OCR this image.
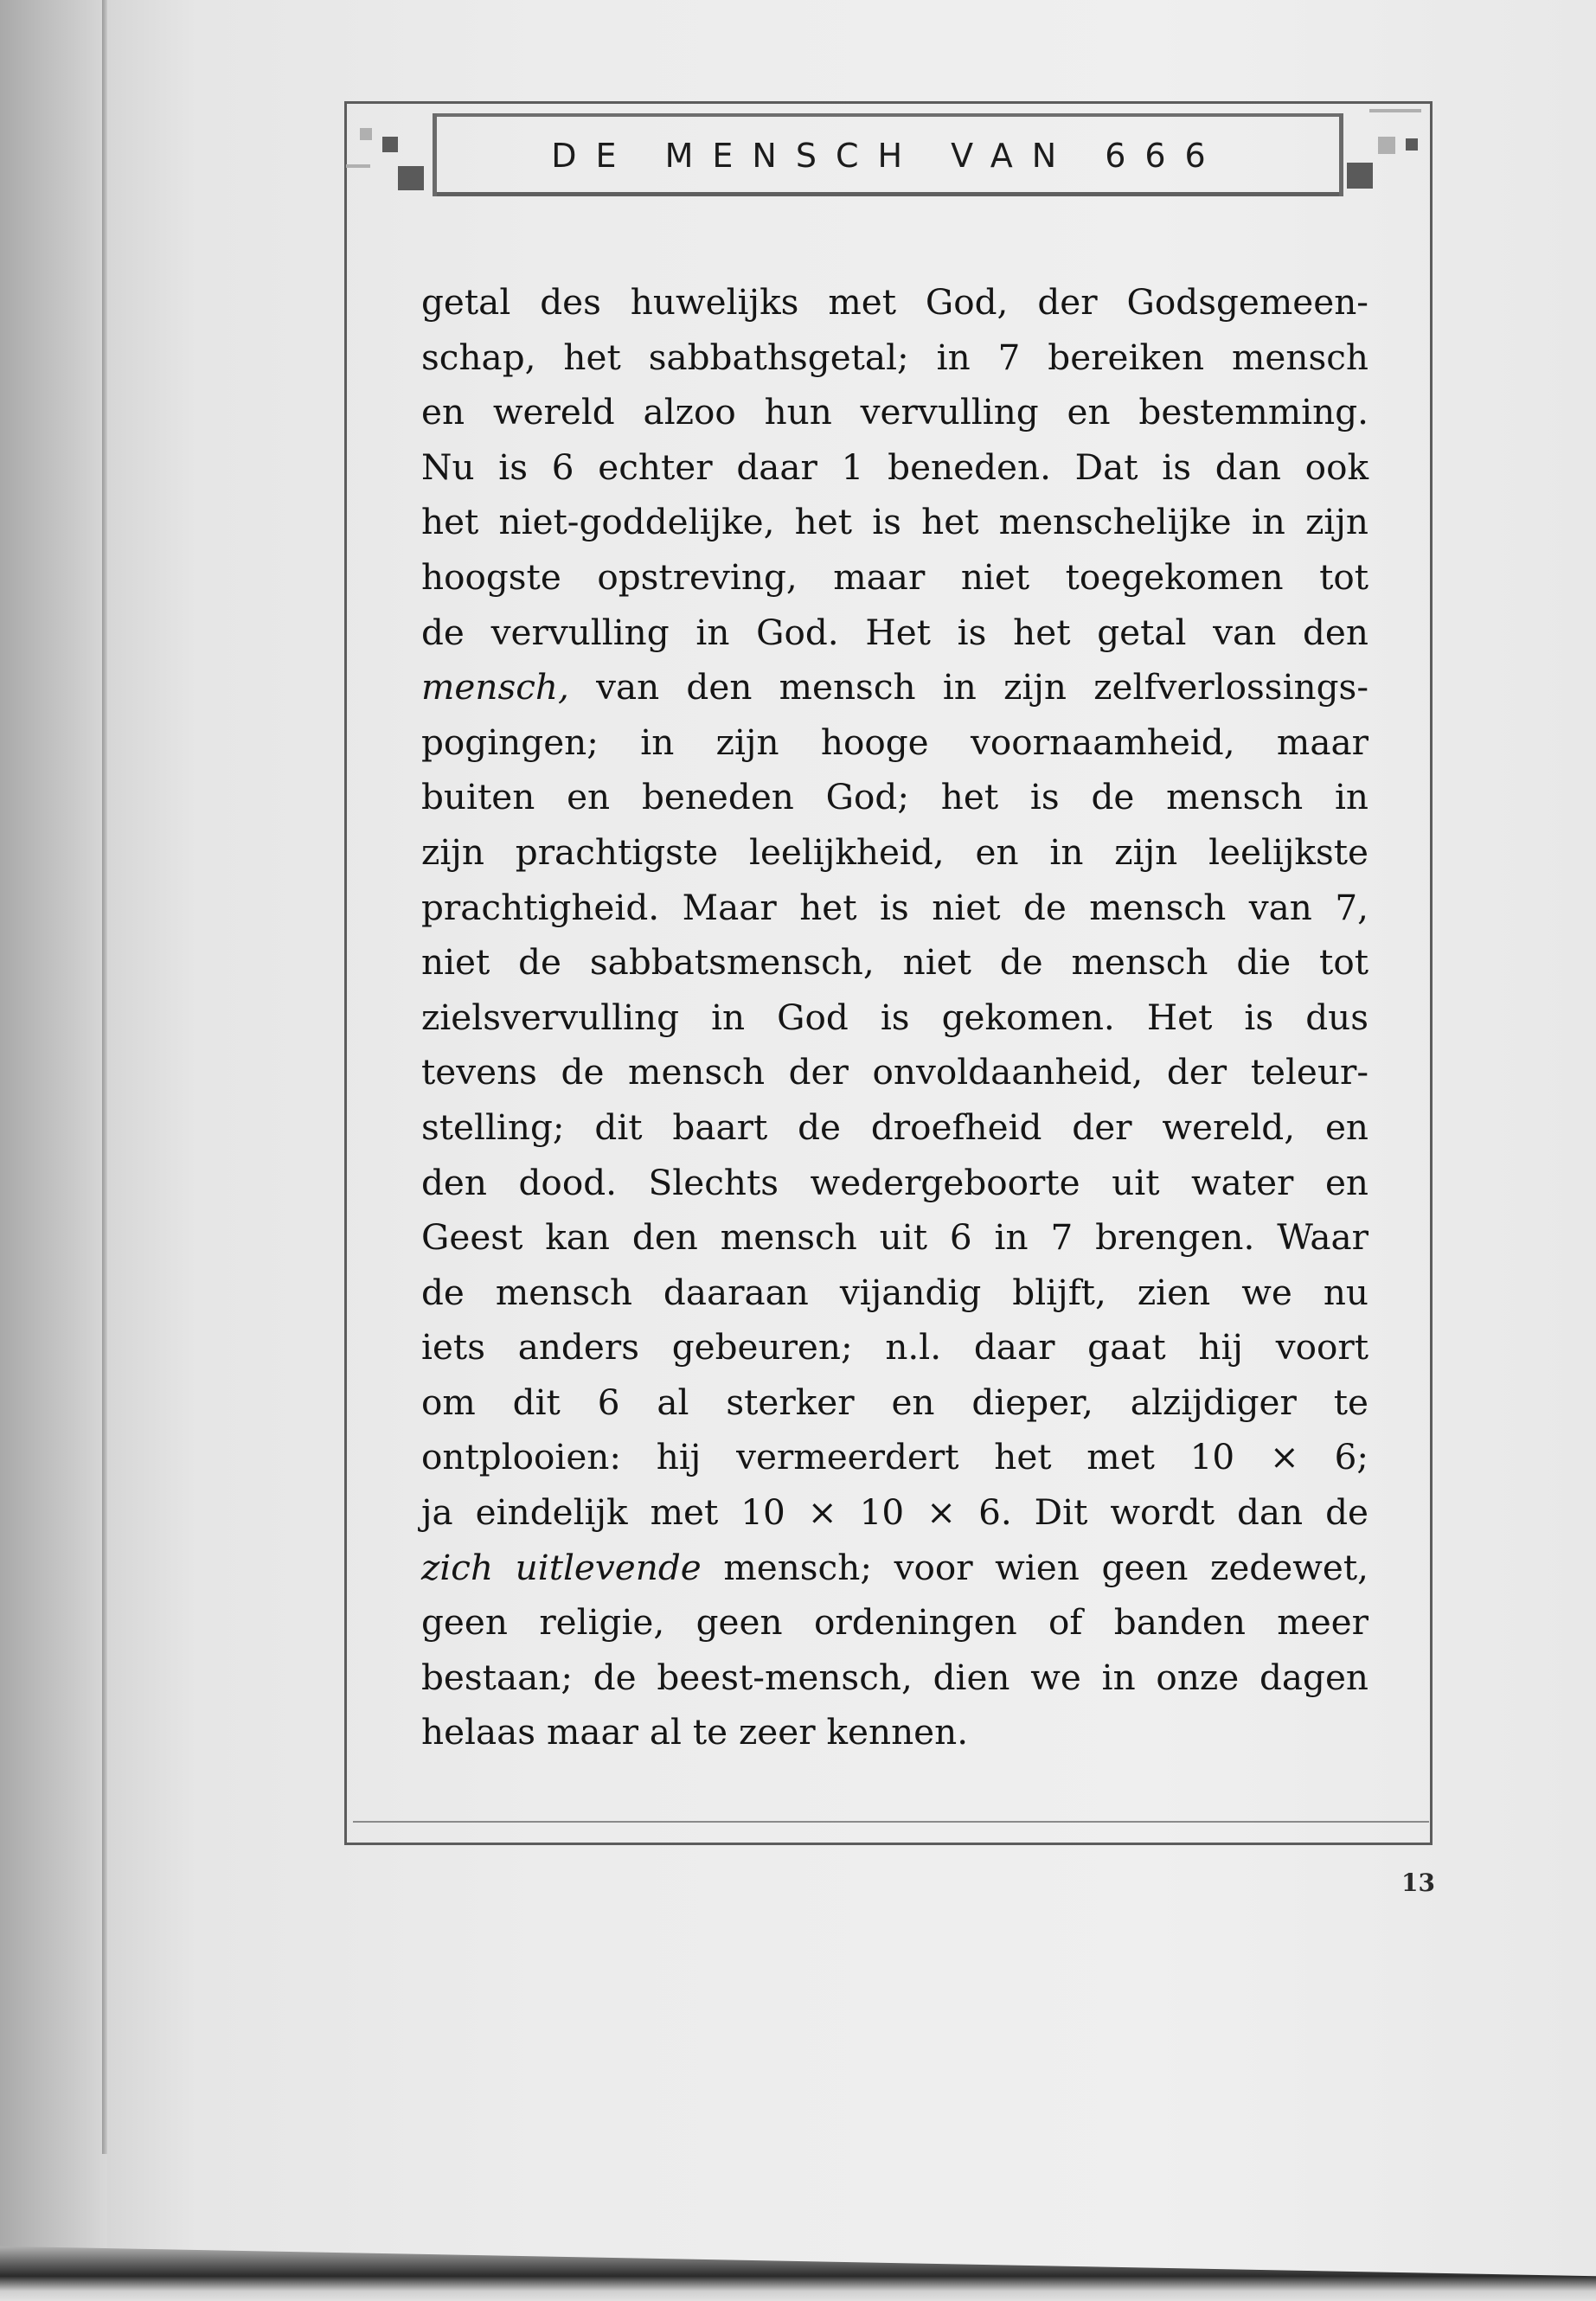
DE MENSCH VAN 666
getal des huwelijks met God, der Godsgemeen-
schap, het sabbathsgetal; in 7 bereiken mensch
en wereld alzoo hun vervulling en bestemming.
Nu is 6 echter daar 1 beneden. Dat is dan ook
het niet-goddelijke, het is het menschelijke in zijn
hoogste opstreving, maar niet toegekomen tot
de vervulling in God. Het is het getal van den
mensch, van den mensch in zijn zelfverlossings-
pogingen; in zijn hooge voornaamheid, maar
buiten en beneden God; het is de mensch in
zijn prachtigste leelijkheid, en in zijn leelijkste
prachtigheid. Maar het is niet de mensch van 7,
niet de sabbatsmensch, niet de mensch die tot
zielsvervulling in God is gekomen. Het is dus
tevens de mensch der onvoldaanheid, der teleur-
stelling; dit baart de droefheid der wereld, en
den dood. Slechts wedergeboorte uit water en
Geest kan den mensch uit 6 in 7 brengen. Waar
de mensch daaraan vijandig blijft, zien we nu
iets anders gebeuren; n.l. daar gaat hij voort
om dit 6 al sterker en dieper, alzijdiger te
ontplooien: hij vermeerdert het met 10 × 6;
ja eindelijk met 10 × 10 × 6. Dit wordt dan de
zich uitlevende mensch; voor wien geen zedewet,
geen religie, geen ordeningen of banden meer
bestaan; de beest-mensch, dien we in onze dagen
helaas maar al te zeer kennen.
13
